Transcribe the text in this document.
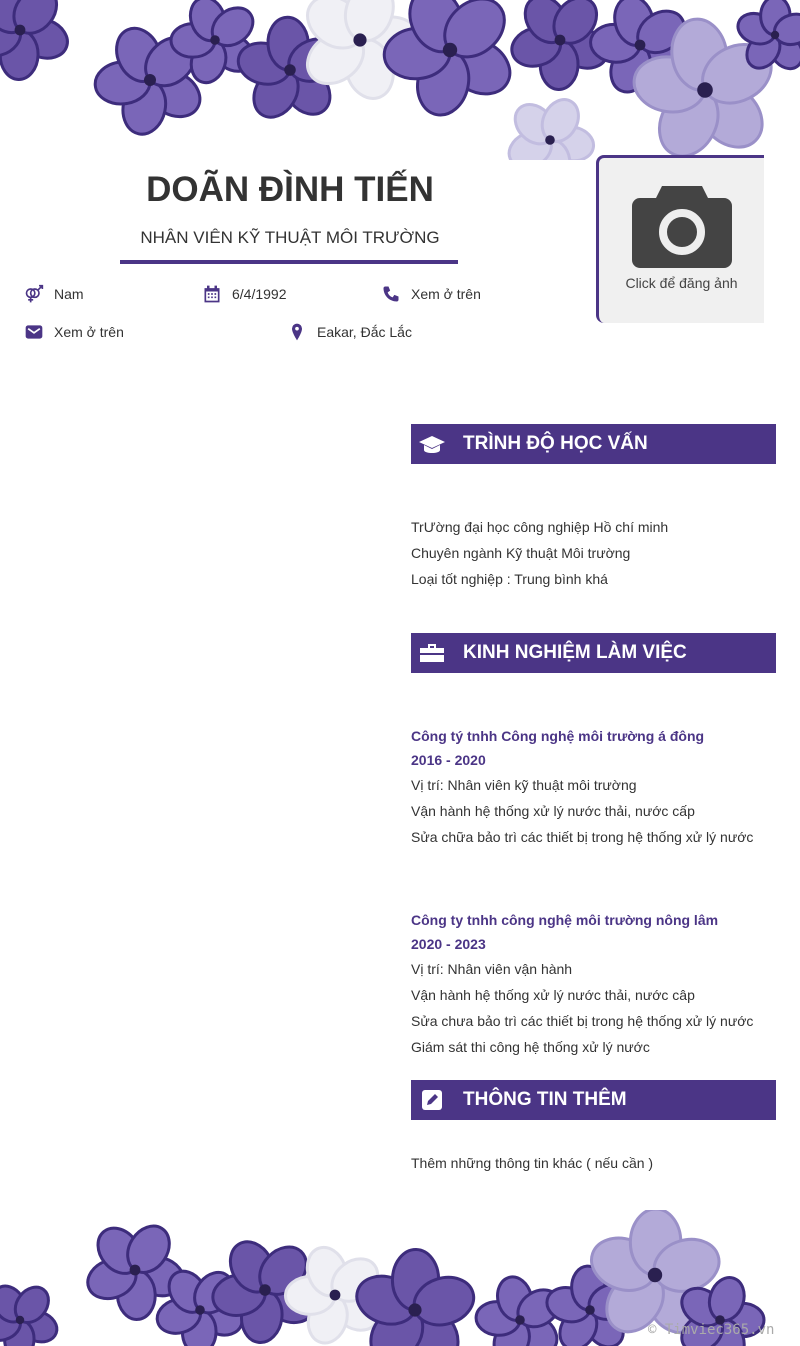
DOÃN ĐÌNH TIẾN
NHÂN VIÊN KỸ THUẬT MÔI TRƯỜNG
Nam	6/4/1992	Xem ở trên
Xem ở trên	Eakar, Đắc Lắc
Click để đăng ảnh
TRÌNH ĐỘ HỌC VẤN
TrƯờng đại học công nghiệp Hồ chí minh
Chuyên ngành Kỹ thuật Môi trường
Loại tốt nghiệp : Trung bình khá
KINH NGHIỆM LÀM VIỆC
Công tý tnhh Công nghệ môi trường á đông
2016 - 2020
Vị trí: Nhân viên kỹ thuật môi trường
Vận hành hệ thống xử lý nước thải, nước cấp
Sửa chữa bảo trì các thiết bị trong hệ thống xử lý nước
Công ty tnhh công nghệ môi trường nông lâm
2020 - 2023
Vị trí: Nhân viên vận hành
Vận hành hệ thống xử lý nước thải, nước câp
Sửa chưa bảo trì các thiết bị trong hệ thống xử lý nước
Giám sát thi công hệ thống xử lý nước
THÔNG TIN THÊM
Thêm những thông tin khác ( nếu cần )
© Timviec365.vn
